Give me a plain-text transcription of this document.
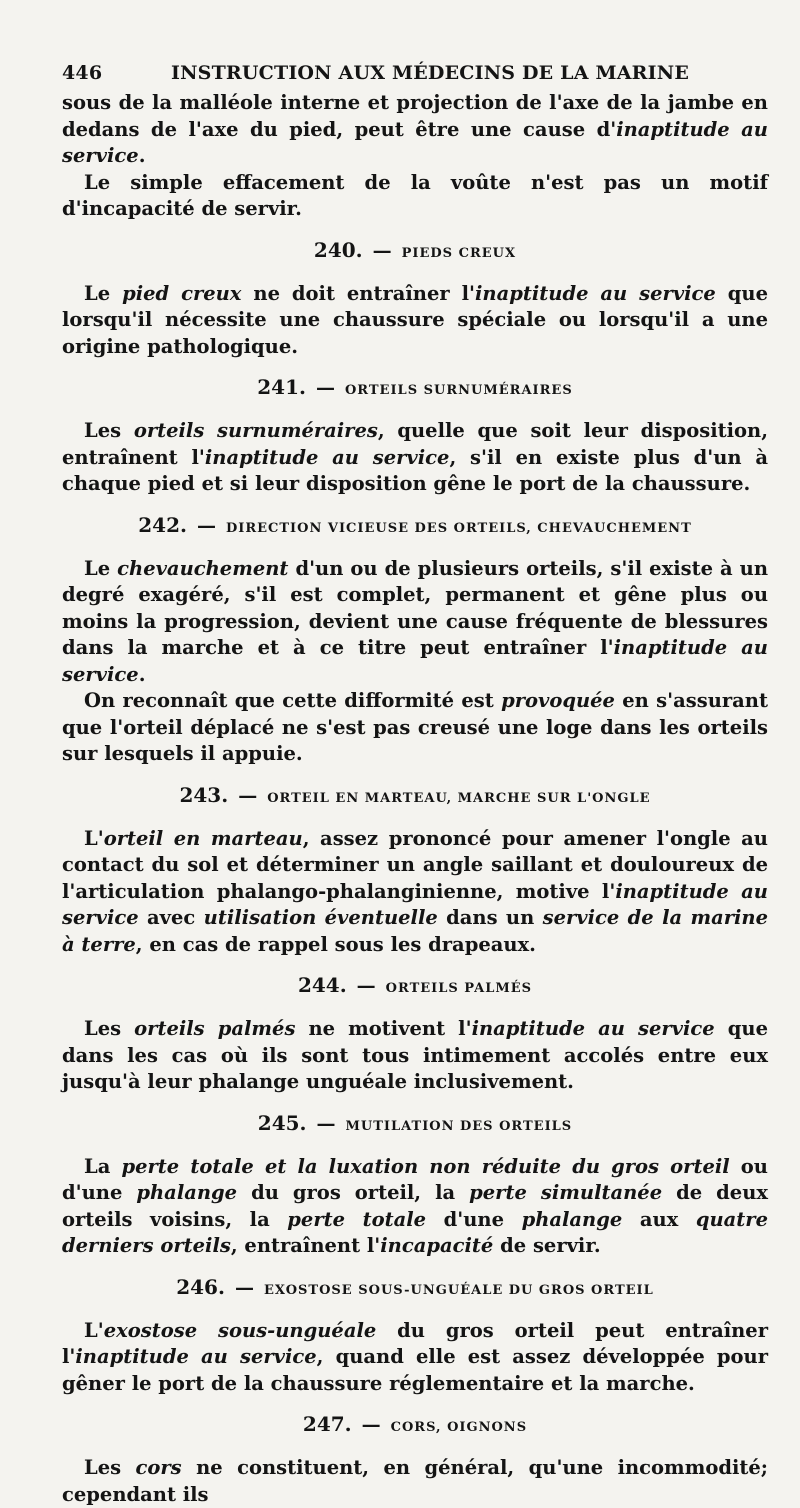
446	INSTRUCTION AUX MÉDECINS DE LA MARINE

sous de la malléole interne et projection de l'axe de la jambe en dedans de l'axe du pied, peut être une cause d'inaptitude au service.

Le simple effacement de la voûte n'est pas un motif d'incapacité de servir.

240. — PIEDS CREUX

Le pied creux ne doit entraîner l'inaptitude au service que lorsqu'il nécessite une chaussure spéciale ou lorsqu'il a une origine pathologique.

241. — ORTEILS SURNUMÉRAIRES

Les orteils surnuméraires, quelle que soit leur disposition, entraînent l'inaptitude au service, s'il en existe plus d'un à chaque pied et si leur disposition gêne le port de la chaussure.

242. — DIRECTION VICIEUSE DES ORTEILS, CHEVAUCHEMENT

Le chevauchement d'un ou de plusieurs orteils, s'il existe à un degré exagéré, s'il est complet, permanent et gêne plus ou moins la progression, devient une cause fréquente de blessures dans la marche et à ce titre peut entraîner l'inaptitude au service.

On reconnaît que cette difformité est provoquée en s'assurant que l'orteil déplacé ne s'est pas creusé une loge dans les orteils sur lesquels il appuie.

243. — ORTEIL EN MARTEAU, MARCHE SUR L'ONGLE

L'orteil en marteau, assez prononcé pour amener l'ongle au contact du sol et déterminer un angle saillant et douloureux de l'articulation phalango-phalanginienne, motive l'inaptitude au service avec utilisation éventuelle dans un service de la marine à terre, en cas de rappel sous les drapeaux.

244. — ORTEILS PALMÉS

Les orteils palmés ne motivent l'inaptitude au service que dans les cas où ils sont tous intimement accolés entre eux jusqu'à leur phalange unguéale inclusivement.

245. — MUTILATION DES ORTEILS

La perte totale et la luxation non réduite du gros orteil ou d'une phalange du gros orteil, la perte simultanée de deux orteils voisins, la perte totale d'une phalange aux quatre derniers orteils, entraînent l'incapacité de servir.

246. — EXOSTOSE SOUS-UNGUÉALE DU GROS ORTEIL

L'exostose sous-unguéale du gros orteil peut entraîner l'inaptitude au service, quand elle est assez développée pour gêner le port de la chaussure réglementaire et la marche.

247. — CORS, OIGNONS

Les cors ne constituent, en général, qu'une incommodité; cependant ils
